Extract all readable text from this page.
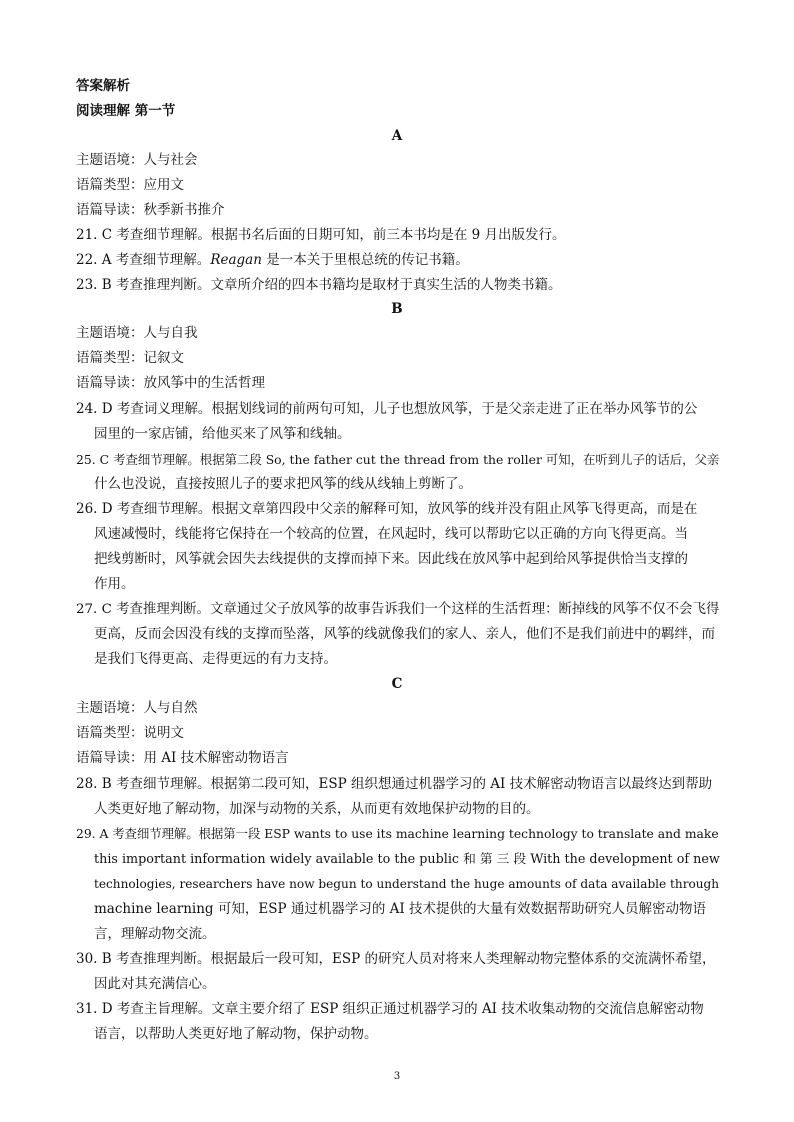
答案解析
阅读理解 第一节
A
主题语境：人与社会
语篇类型：应用文
语篇导读：秋季新书推介
21. C 考查细节理解。根据书名后面的日期可知，前三本书均是在 9 月出版发行。
22. A 考查细节理解。Reagan 是一本关于里根总统的传记书籍。
23. B 考查推理判断。文章所介绍的四本书籍均是取材于真实生活的人物类书籍。
B
主题语境：人与自我
语篇类型：记叙文
语篇导读：放风筝中的生活哲理
24. D 考查词义理解。根据划线词的前两句可知，儿子也想放风筝，于是父亲走进了正在举办风筝节的公
园里的一家店铺，给他买来了风筝和线轴。
25. C 考查细节理解。根据第二段 So, the father cut the thread from the roller 可知，在听到儿子的话后，父亲
什么也没说，直接按照儿子的要求把风筝的线从线轴上剪断了。
26. D 考查细节理解。根据文章第四段中父亲的解释可知，放风筝的线并没有阻止风筝飞得更高，而是在
风速减慢时，线能将它保持在一个较高的位置，在风起时，线可以帮助它以正确的方向飞得更高。当
把线剪断时，风筝就会因失去线提供的支撑而掉下来。因此线在放风筝中起到给风筝提供恰当支撑的
作用。
27. C 考查推理判断。文章通过父子放风筝的故事告诉我们一个这样的生活哲理：断掉线的风筝不仅不会飞得
更高，反而会因没有线的支撑而坠落，风筝的线就像我们的家人、亲人，他们不是我们前进中的羁绊，而
是我们飞得更高、走得更远的有力支持。
C
主题语境：人与自然
语篇类型：说明文
语篇导读：用 AI 技术解密动物语言
28. B 考查细节理解。根据第二段可知，ESP 组织想通过机器学习的 AI 技术解密动物语言以最终达到帮助
人类更好地了解动物，加深与动物的关系，从而更有效地保护动物的目的。
29. A 考查细节理解。根据第一段 ESP wants to use its machine learning technology to translate and make
this important information widely available to the public 和 第 三 段 With the development of new
technologies, researchers have now begun to understand the huge amounts of data available through
machine learning 可知，ESP 通过机器学习的 AI 技术提供的大量有效数据帮助研究人员解密动物语
言，理解动物交流。
30. B 考查推理判断。根据最后一段可知，ESP 的研究人员对将来人类理解动物完整体系的交流满怀希望，
因此对其充满信心。
31. D 考查主旨理解。文章主要介绍了 ESP 组织正通过机器学习的 AI 技术收集动物的交流信息解密动物
语言，以帮助人类更好地了解动物，保护动物。
3
